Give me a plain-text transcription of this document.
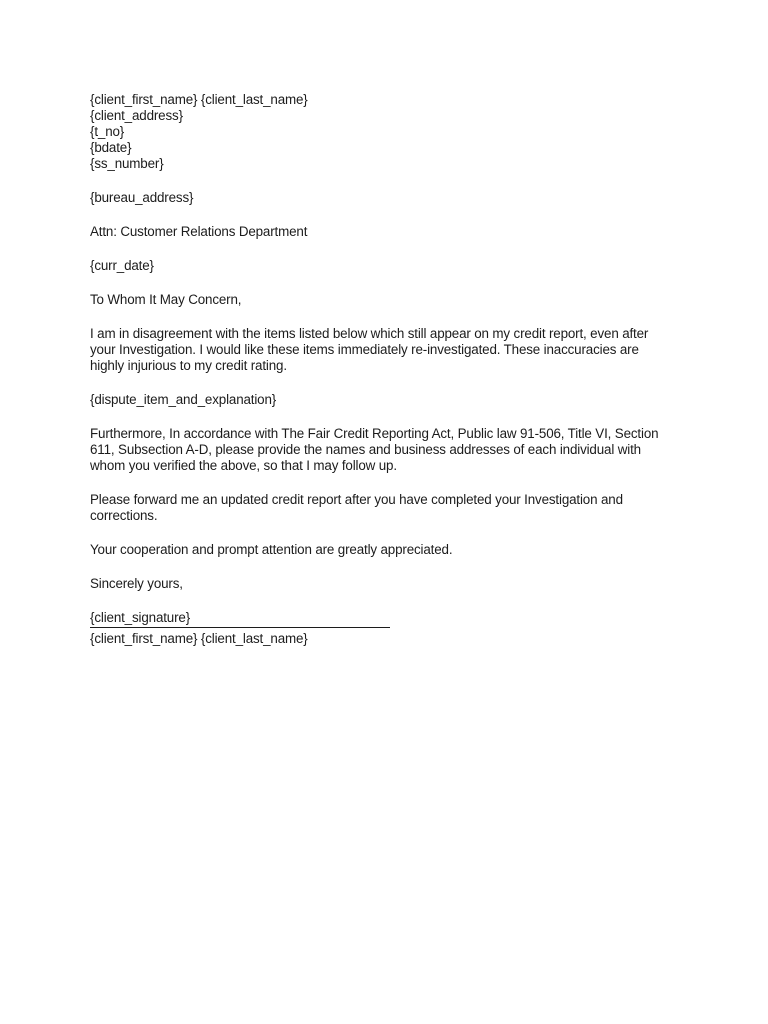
{client_first_name} {client_last_name}
{client_address}
{t_no}
{bdate}
{ss_number}
{bureau_address}
Attn: Customer Relations Department
{curr_date}
To Whom It May Concern,
I am in disagreement with the items listed below which still appear on my credit report, even after
your Investigation. I would like these items immediately re-investigated. These inaccuracies are
highly injurious to my credit rating.
{dispute_item_and_explanation}
Furthermore, In accordance with The Fair Credit Reporting Act, Public law 91-506, Title VI, Section
611, Subsection A-D, please provide the names and business addresses of each individual with
whom you verified the above, so that I may follow up.
Please forward me an updated credit report after you have completed your Investigation and
corrections.
Your cooperation and prompt attention are greatly appreciated.
Sincerely yours,
{client_signature}
{client_first_name} {client_last_name}
